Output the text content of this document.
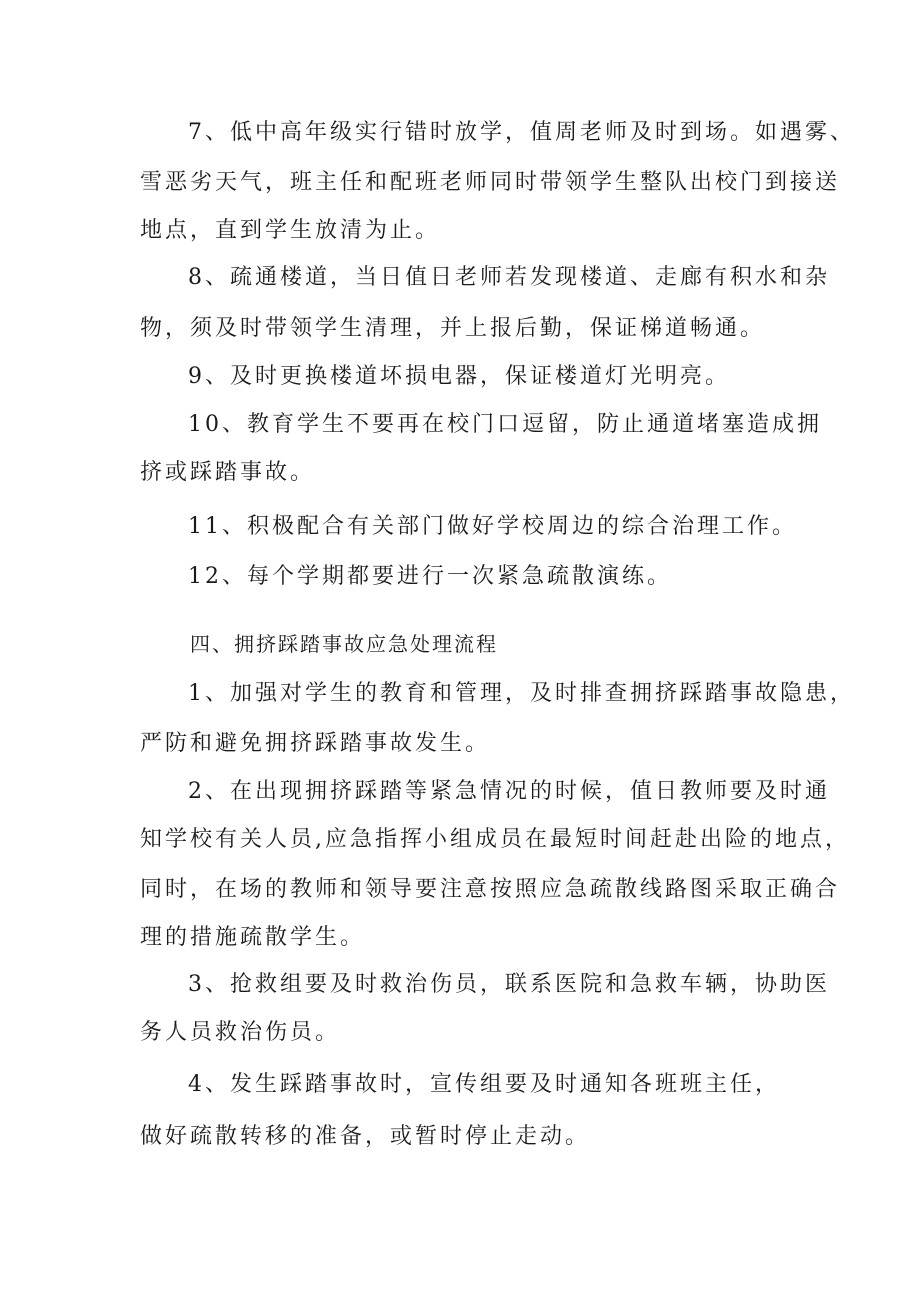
7、低中高年级实行错时放学，值周老师及时到场。如遇雾、
雪恶劣天气，班主任和配班老师同时带领学生整队出校门到接送
地点，直到学生放清为止。
8、疏通楼道，当日值日老师若发现楼道、走廊有积水和杂
物，须及时带领学生清理，并上报后勤，保证梯道畅通。
9、及时更换楼道坏损电器，保证楼道灯光明亮。
10、教育学生不要再在校门口逗留，防止通道堵塞造成拥
挤或踩踏事故。
11、积极配合有关部门做好学校周边的综合治理工作。
12、每个学期都要进行一次紧急疏散演练。
四、拥挤踩踏事故应急处理流程
1、加强对学生的教育和管理，及时排查拥挤踩踏事故隐患，
严防和避免拥挤踩踏事故发生。
2、在出现拥挤踩踏等紧急情况的时候，值日教师要及时通
知学校有关人员,应急指挥小组成员在最短时间赶赴出险的地点，
同时，在场的教师和领导要注意按照应急疏散线路图采取正确合
理的措施疏散学生。
3、抢救组要及时救治伤员，联系医院和急救车辆，协助医
务人员救治伤员。
4、发生踩踏事故时，宣传组要及时通知各班班主任，
做好疏散转移的准备，或暂时停止走动。
